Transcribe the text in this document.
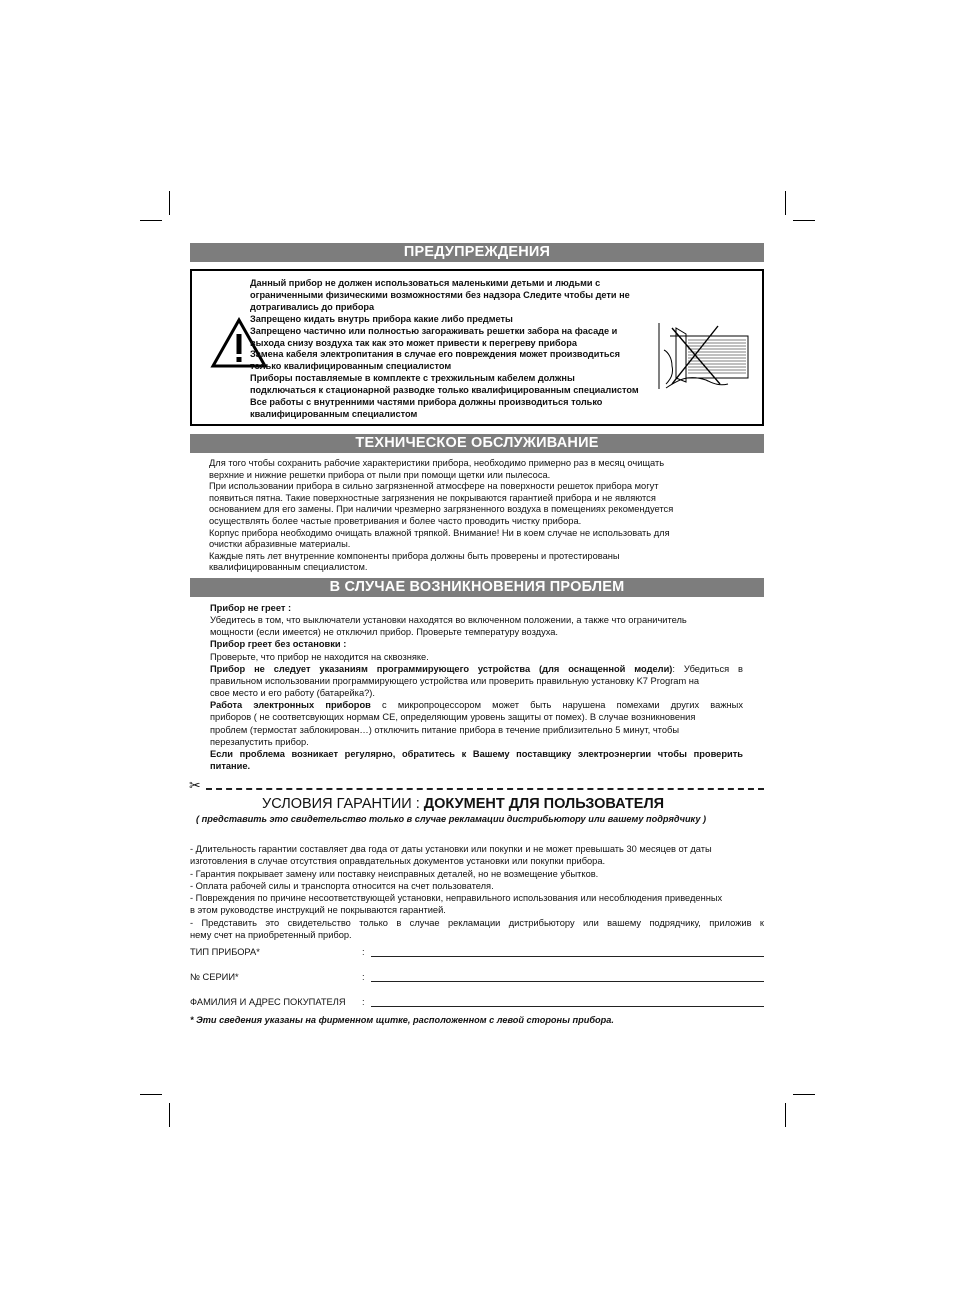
ПРЕДУПРЕЖДЕНИЯ
Данный прибор не должен использоваться маленькими детьми и людьми с
ограниченными физическими возможностями без надзора Следите чтобы дети не
дотрагивались до прибора
Запрещено кидать внутрь прибора какие либо предметы
Запрещено частично или полностью загораживать решетки забора на фасаде и
выхода снизу воздуха так как это может привести к перегреву прибора
Замена кабеля электропитания в случае его повреждения может производиться
только квалифицированным специалистом
Приборы поставляемые в комплекте с трехжильным кабелем должны
подключаться к стационарной разводке только квалифицированным специалистом
Все работы с внутренними частями прибора должны производиться только
квалифицированным специалистом
ТЕХНИЧЕСКОЕ ОБСЛУЖИВАНИЕ
Для того чтобы сохранить рабочие характеристики прибора, необходимо примерно раз в месяц очищать
верхние и нижние решетки прибора от пыли при помощи щетки или пылесоса.
При использовании прибора в сильно загрязненной атмосфере на поверхности решеток прибора могут
появиться пятна. Такие поверхностные загрязнения не покрываются гарантией прибора и не являются
основанием для его замены. При наличии чрезмерно загрязненного воздуха в помещениях рекомендуется
осуществлять более частые проветривания и более часто проводить чистку прибора.
Корпус прибора необходимо очищать влажной тряпкой. Внимание! Ни в коем случае не использовать для
очистки абразивные материалы.
Каждые пять лет внутренние компоненты прибора должны быть проверены и протестированы
квалифицированным специалистом.
В СЛУЧАЕ ВОЗНИКНОВЕНИЯ ПРОБЛЕМ
Прибор не греет :
Убедитесь в том, что выключатели установки находятся во включенном положении, а также что ограничитель
мощности (если имеется) не отключил прибор. Проверьте температуру воздуха.
Прибор греет без остановки :
Проверьте, что прибор не находится на сквозняке.
Прибор не следует указаниям программирующего устройства (для оснащенной модели): Убедиться в
правильном использовании программирующего устройства или проверить правильную установку K7 Program на
свое место и его работу (батарейка?).
Работа электронных приборов с микропроцессором может быть нарушена помехами других важных
приборов ( не соответсвующих нормам CE, определяющим уровень защиты от помех). В случае возникновения
проблем (термостат заблокирован…) отключить питание прибора в течение приблизительно 5 минут, чтобы
перезапустить прибор.
Если проблема возникает регулярно, обратитесь к Вашему поставщику электроэнергии чтобы проверить
питание.
✂
УСЛОВИЯ ГАРАНТИИ : ДОКУМЕНТ ДЛЯ ПОЛЬЗОВАТЕЛЯ
( представить это свидетельство только в случае рекламации дистрибьютору или вашему подрядчику )
- Длительность гарантии составляет два года от даты установки или покупки и не может превышать 30 месяцев от даты
изготовления в случае отсутствия оправдательных документов установки или покупки прибора.
- Гарантия покрывает замену или поставку неисправных деталей, но не возмещение убытков.
- Оплата рабочей силы и транспорта относится на счет пользователя.
- Повреждения по причине несоответствующей установки, неправильного использования или несоблюдения приведенных
в этом руководстве инструкций не покрываются гарантией.
- Представить это свидетельство только в случае рекламации дистрибьютору или вашему подрядчику, приложив к
нему счет на приобретенный прибор.
ТИП ПРИБОРА*	:
№ СЕРИИ*	:
ФАМИЛИЯ И АДРЕС ПОКУПАТЕЛЯ :
* Эти сведения указаны на фирменном щитке, расположенном с левой стороны прибора.
